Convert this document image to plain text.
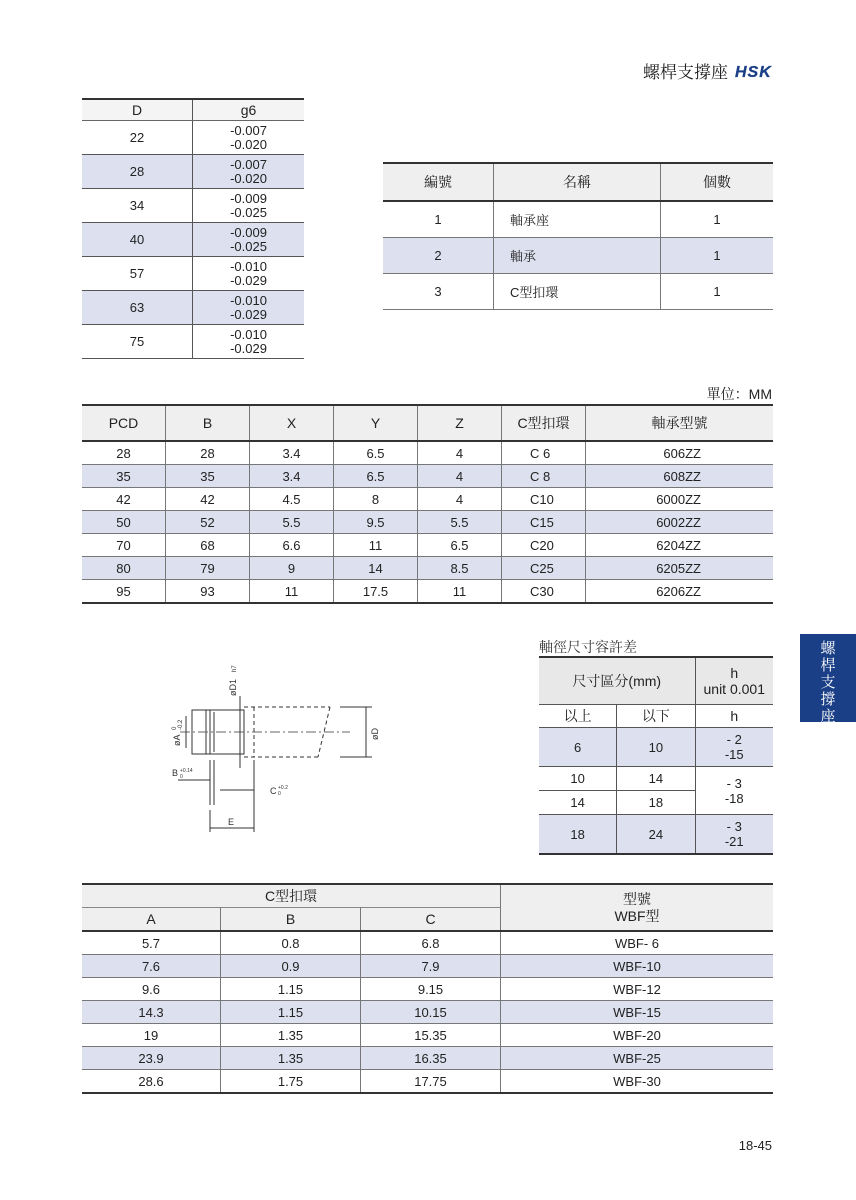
螺桿支撐座 HSK
D	g6
22	-0.007
-0.020

28	-0.007
-0.020

34	-0.009
-0.025

40	-0.009
-0.025

57	-0.010
-0.029

63	-0.010
-0.029

75	-0.010
-0.029
編號	名稱	個數
1	軸承座	1
2	軸承	1
3	C型扣環	1
單位：MM
PCD	B	X	Y	Z	C型扣環	軸承型號
28	28	3.4	6.5	4	C 6	606ZZ
35	35	3.4	6.5	4	C 8	608ZZ
42	42	4.5	8	4	C10	6000ZZ
50	52	5.5	9.5	5.5	C15	6002ZZ
70	68	6.6	11	6.5	C20	6204ZZ
80	79	9	14	8.5	C25	6205ZZ
95	93	11	17.5	11	C30	6206ZZ
螺
桿
支
撐
座
øD1
h7
øA
0 -0.2
øD
B +0.14
0
C +0.2
0
E
軸徑尺寸容許差
尺寸區分(mm)		h
unit 0.001

以上	以下	h
6	10	- 2
-15

10	14	- 3
-18

14	18	
18	24	- 3
-21
C型扣環			型號
WBF型

A	B	C	
5.7	0.8	6.8	WBF- 6
7.6	0.9	7.9	WBF-10
9.6	1.15	9.15	WBF-12
14.3	1.15	10.15	WBF-15
19	1.35	15.35	WBF-20
23.9	1.35	16.35	WBF-25
28.6	1.75	17.75	WBF-30
18-45
